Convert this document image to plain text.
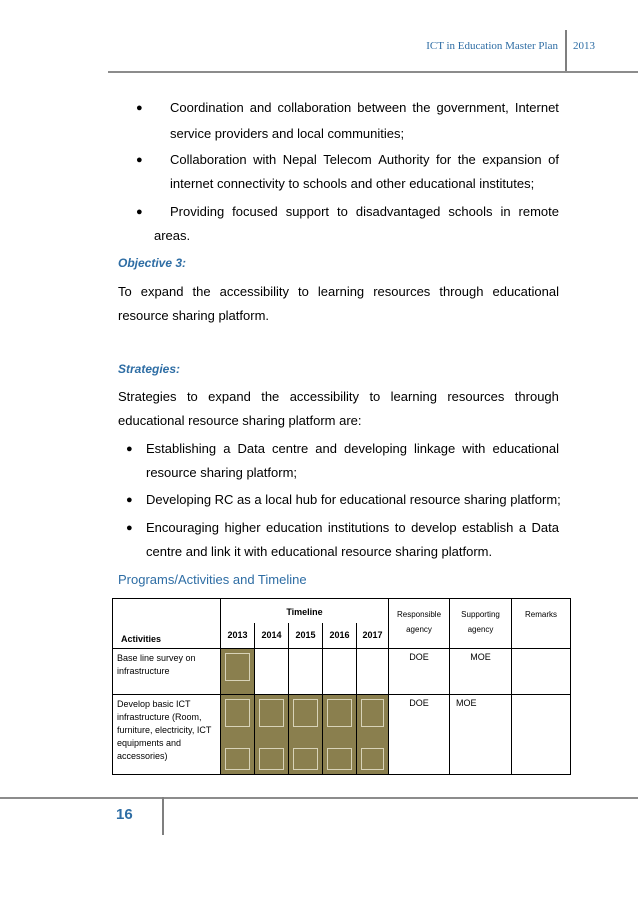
ICT in Education Master Plan 2013
● Coordination and collaboration between the government, Internet
service providers and local communities;
● Collaboration with Nepal Telecom Authority for the expansion of
internet connectivity to schools and other educational institutes;
● Providing focused support to disadvantaged schools in remote
areas.
Objective 3:
To expand the accessibility to learning resources through educational
resource sharing platform.
Strategies:
Strategies to expand the accessibility to learning resources through
educational resource sharing platform are:
● Establishing a Data centre and developing linkage with educational
resource sharing platform;
● Developing RC as a local hub for educational resource sharing platform;
● Encouraging higher education institutions to develop establish a Data
centre and link it with educational resource sharing platform.
Programs/Activities and Timeline
Activities	Timeline					Responsible agency	Supporting agency	Remarks
	2013	2014	2015	2016	2017			
Base line survey on infrastructure						DOE	MOE	
Develop basic ICT infrastructure (Room, furniture, electricity, ICT equipments and accessories)						DOE	MOE	
16
